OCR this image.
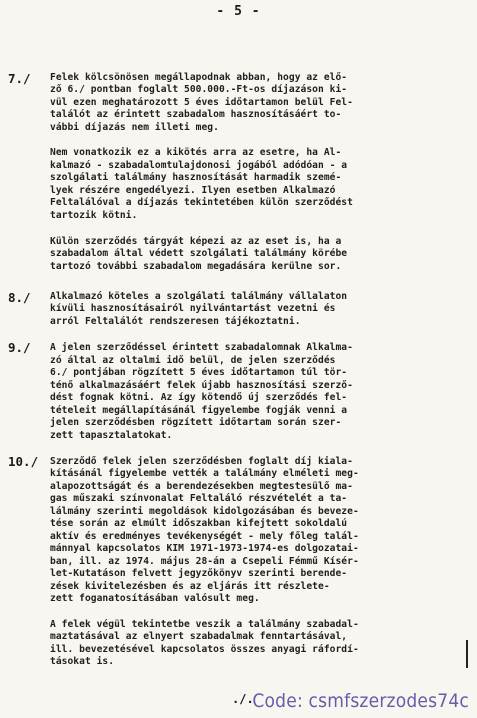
- 5 -
7./ Felek kölcsönösen megállapodnak abban, hogy az elő-
ző 6./ pontban foglalt 500.000.-Ft-os díjazáson ki-
vül ezen meghatározott 5 éves időtartamon belül Fel-
találót az érintett szabadalom hasznosításáért to-
vábbi díjazás nem illeti meg.
Nem vonatkozik ez a kikötés arra az esetre, ha Al-
kalmazó - szabadalomtulajdonosi jogából adódóan - a
szolgálati találmány hasznosítását harmadik szemé-
lyek részére engedélyezi. Ilyen esetben Alkalmazó
Feltalálóval a díjazás tekintetében külön szerződést
tartozik kötni.
Külön szerződés tárgyát képezi az az eset is, ha a
szabadalom által védett szolgálati találmány körébe
tartozó további szabadalom megadására kerülne sor.
8./ Alkalmazó köteles a szolgálati találmány vállalaton
kívüli hasznosításairól nyilvántartást vezetni és
arról Feltalálót rendszeresen tájékoztatni.
9./ A jelen szerződéssel érintett szabadalomnak Alkalma-
zó által az oltalmi idő belül, de jelen szerződés
6./ pontjában rögzített 5 éves időtartamon túl tör-
ténő alkalmazásáért felek újabb hasznosítási szerző-
dést fognak kötni. Az így kötendő új szerződés fel-
tételeit megállapításánál figyelembe fogják venni a
jelen szerződésben rögzített időtartam során szer-
zett tapasztalatokat.
10./ Szerződő felek jelen szerződésben foglalt díj kiala-
kításánál figyelembe vették a találmány elméleti meg-
alapozottságát és a berendezésekben megtestesülő ma-
gas műszaki színvonalat Feltaláló részvételét a ta-
lálmány szerinti megoldások kidolgozásában és beveze-
tése során az elmúlt időszakban kifejtett sokoldalú
aktív és eredményes tevékenységét - mely főleg talál-
mánnyal kapcsolatos KIM 1971-1973-1974-es dolgozatai-
ban, ill. az 1974. május 28-án a Csepeli Fémmű Kísér-
let-Kutatáson felvett jegyzőkönyv szerinti berende-
zések kivitelezésben és az eljárás itt részlete-
zett foganatosításában valósult meg.
A felek végül tekintetbe veszik a találmány szabadal-
maztatásával az elnyert szabadalmak fenntartásával,
ill. bevezetésével kapcsolatos összes anyagi ráfordí-
tásokat is.
./.
Code: csmfszerzodes74c
